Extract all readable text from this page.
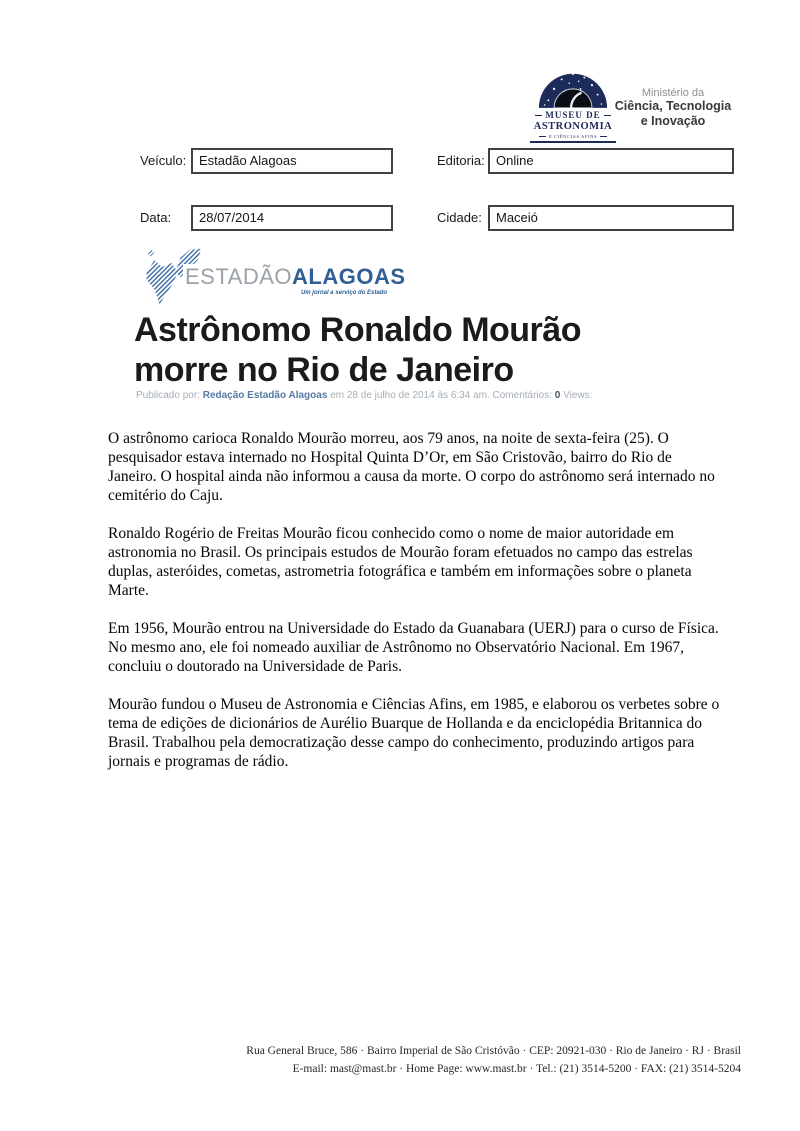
MUSEU DE
ASTRONOMIA
E CIÊNCIAS AFINS
Ministério da
Ciência, Tecnologia
e Inovação
Veículo: Estadão Alagoas	Editoria: Online
Data:	28/07/2014	Cidade:	Maceió
ESTADÃOALAGOAS
Um jornal a serviço do Estado
Astrônomo Ronaldo Mourão morre no Rio de Janeiro
Publicado por: Redação Estadão Alagoas em 28 de julho de 2014 às 6:34 am. Comentários: 0 Views:

O astrônomo carioca Ronaldo Mourão morreu, aos 79 anos, na noite de sexta-feira (25). O pesquisador estava internado no Hospital Quinta D’Or, em São Cristovão, bairro do Rio de Janeiro. O hospital ainda não informou a causa da morte. O corpo do astrônomo será internado no cemitério do Caju.

Ronaldo Rogério de Freitas Mourão ficou conhecido como o nome de maior autoridade em astronomia no Brasil. Os principais estudos de Mourão foram efetuados no campo das estrelas duplas, asteróides, cometas, astrometria fotográfica e também em informações sobre o planeta Marte.

Em 1956, Mourão entrou na Universidade do Estado da Guanabara (UERJ) para o curso de Física. No mesmo ano, ele foi nomeado auxiliar de Astrônomo no Observatório Nacional. Em 1967, concluiu o doutorado na Universidade de Paris.

Mourão fundou o Museu de Astronomia e Ciências Afins, em 1985, e elaborou os verbetes sobre o tema de edições de dicionários de Aurélio Buarque de Hollanda e da enciclopédia Britannica do Brasil. Trabalhou pela democratização desse campo do conhecimento, produzindo artigos para jornais e programas de rádio.

Rua General Bruce, 586 · Bairro Imperial de São Cristóvão · CEP: 20921-030 · Rio de Janeiro · RJ · Brasil
E-mail: mast@mast.br · Home Page: www.mast.br · Tel.: (21) 3514-5200 · FAX: (21) 3514-5204
